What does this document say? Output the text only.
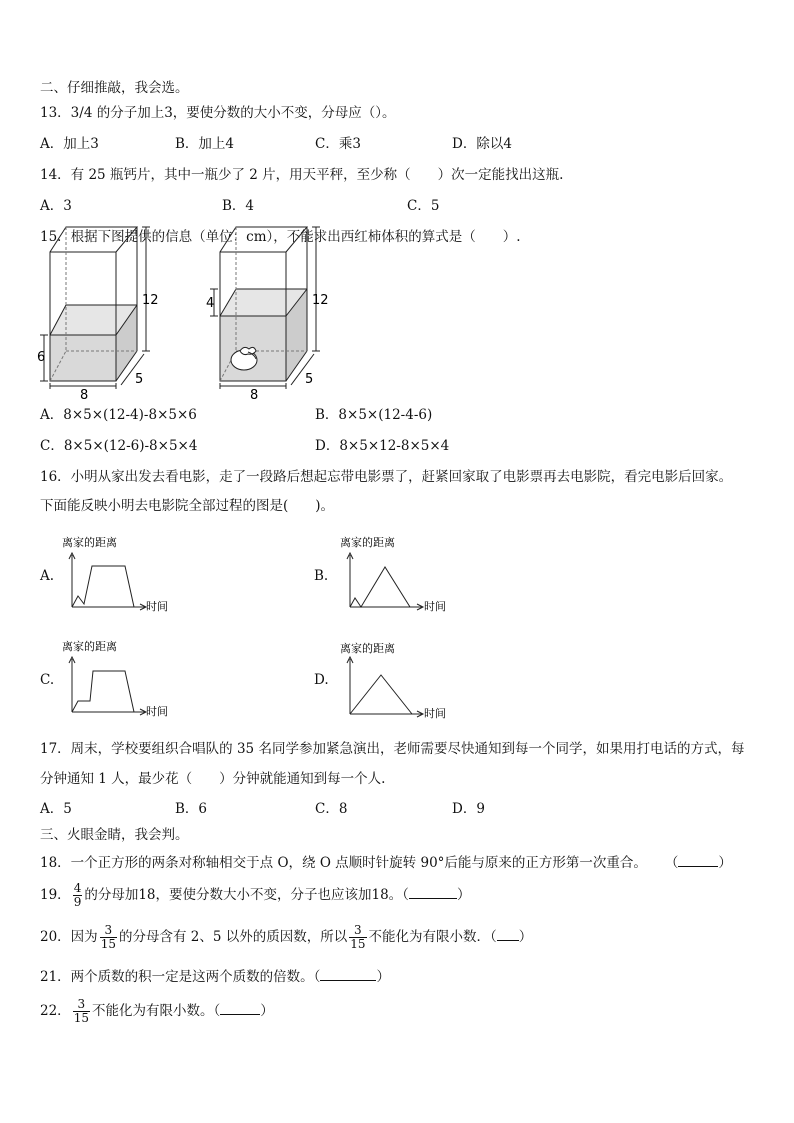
二、仔细推敲，我会选。
13．3/4 的分子加上3，要使分数的大小不变，分母应（）。
A．加上3	B．加上4	C．乘3	D．除以4
14．有 25 瓶钙片，其中一瓶少了 2 片，用天平秤，至少称（　　）次一定能找出这瓶.
A．3	B．4	C．5
15．根据下图提供的信息（单位：cm），不能求出西红柿体积的算式是（　　）.
12
6
8
5
12
4
8
5
A．8×5×(12-4)-8×5×6	B．8×5×(12-4-6)
C．8×5×(12-6)-8×5×4	D．8×5×12-8×5×4
16．小明从家出发去看电影，走了一段路后想起忘带电影票了，赶紧回家取了电影票再去电影院，看完电影后回家。
下面能反映小明去电影院全部过程的图是(　　)。
A.
离家的距离
时间
B.
离家的距离
时间
C.
离家的距离
时间
D.
离家的距离
时间
17．周末，学校要组织合唱队的 35 名同学参加紧急演出，老师需要尽快通知到每一个同学，如果用打电话的方式，每
分钟通知 1 人，最少花（　　）分钟就能通知到每一个人.
A．5	B．6	C．8	D．9
三、火眼金睛，我会判。
18．一个正方形的两条对称轴相交于点 O，绕 O 点顺时针旋转 90°后能与原来的正方形第一次重合。 （	）
19． $\frac{4}{9}$ 的分母加18，要使分数大小不变，分子也应该加18。（	）
20．因为 $\frac{3}{15}$ 的分母含有 2、5 以外的质因数，所以 $\frac{3}{15}$ 不能化为有限小数．（ ）
21．两个质数的积一定是这两个质数的倍数。（	）
22． $\frac{3}{15}$ 不能化为有限小数。（	）
